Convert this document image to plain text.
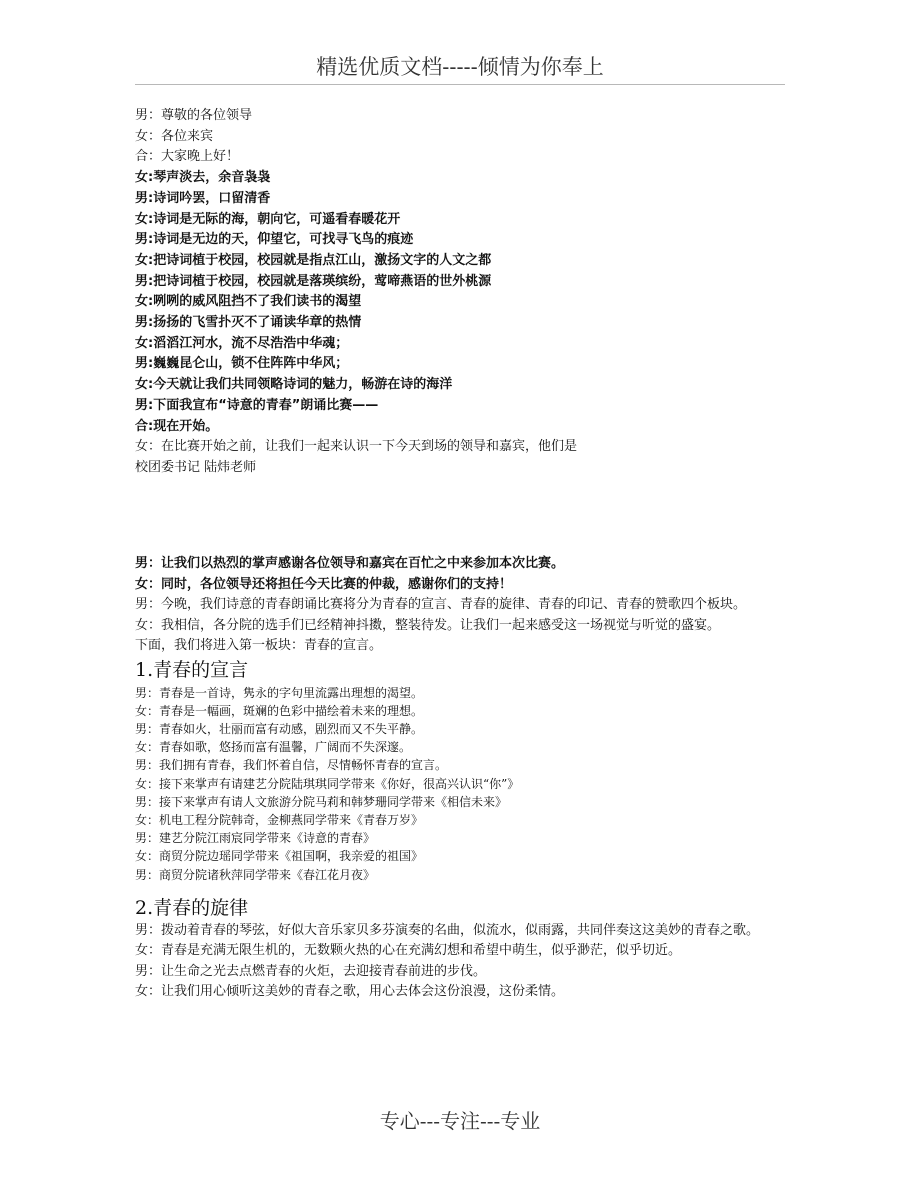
精选优质文档-----倾情为你奉上
男：尊敬的各位领导
女：各位来宾
合：大家晚上好！
女:琴声淡去，余音袅袅
男:诗词吟罢，口留清香
女:诗词是无际的海，朝向它，可遥看春暖花开
男:诗词是无边的天，仰望它，可找寻飞鸟的痕迹
女:把诗词植于校园，校园就是指点江山，激扬文字的人文之都
男:把诗词植于校园，校园就是落瑛缤纷，莺啼燕语的世外桃源
女:咧咧的威风阻挡不了我们读书的渴望
男:扬扬的飞雪扑灭不了诵读华章的热情
女:滔滔江河水，流不尽浩浩中华魂；
男:巍巍昆仑山，锁不住阵阵中华风；
女:今天就让我们共同领略诗词的魅力，畅游在诗的海洋
男:下面我宣布“诗意的青春”朗诵比赛——
合:现在开始。
女：在比赛开始之前，让我们一起来认识一下今天到场的领导和嘉宾，他们是
校团委书记 陆炜老师
男：让我们以热烈的掌声感谢各位领导和嘉宾在百忙之中来参加本次比赛。
女：同时，各位领导还将担任今天比赛的仲裁，感谢你们的支持！
男：今晚，我们诗意的青春朗诵比赛将分为青春的宣言、青春的旋律、青春的印记、青春的赞歌四个板块。
女：我相信，各分院的选手们已经精神抖擞，整装待发。让我们一起来感受这一场视觉与听觉的盛宴。
下面，我们将进入第一板块：青春的宣言。
1.青春的宣言
男：青春是一首诗，隽永的字句里流露出理想的渴望。
女：青春是一幅画，斑斓的色彩中描绘着未来的理想。
男：青春如火，壮丽而富有动感，剧烈而又不失平静。
女：青春如歌，悠扬而富有温馨，广阔而不失深邃。
男：我们拥有青春，我们怀着自信，尽情畅怀青春的宣言。
女：接下来掌声有请建艺分院陆琪琪同学带来《你好，很高兴认识“你”》
男：接下来掌声有请人文旅游分院马莉和韩梦珊同学带来《相信未来》
女：机电工程分院韩奇，金柳燕同学带来《青春万岁》
男：建艺分院江雨宸同学带来《诗意的青春》
女：商贸分院边瑶同学带来《祖国啊，我亲爱的祖国》
男：商贸分院诸秋萍同学带来《春江花月夜》
2.青春的旋律
男：拨动着青春的琴弦，好似大音乐家贝多芬演奏的名曲，似流水，似雨露，共同伴奏这这美妙的青春之歌。
女：青春是充满无限生机的，无数颗火热的心在充满幻想和希望中萌生，似乎渺茫，似乎切近。
男：让生命之光去点燃青春的火炬，去迎接青春前进的步伐。
女：让我们用心倾听这美妙的青春之歌，用心去体会这份浪漫，这份柔情。
专心---专注---专业
